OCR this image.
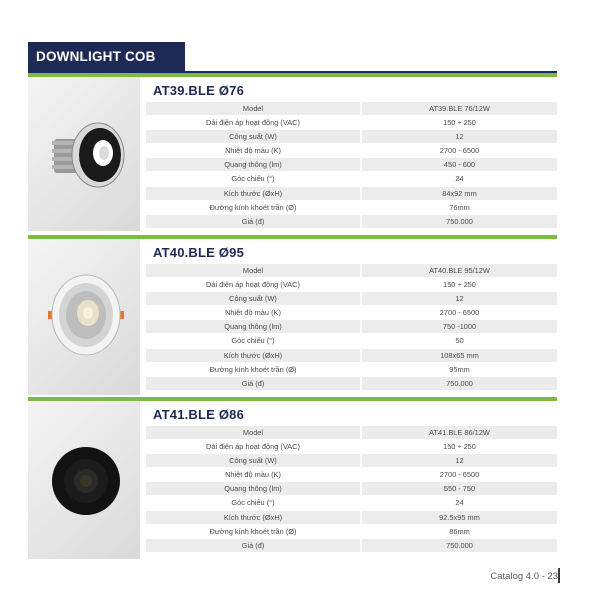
DOWNLIGHT COB
AT39.BLE Ø76
Model	AT39.BLE 76/12W
Dải điện áp hoạt động (VAC)	150 ÷ 250
Công suất (W)	12
Nhiệt độ màu (K)	2700 - 6500
Quang thông (lm)	450 - 600
Góc chiếu (°)	24
Kích thước (ØxH)	84x92 mm
Đường kính khoét trần (Ø)	76mm
Giá (đ)	750.000
AT40.BLE Ø95
Model	AT40.BLE 95/12W
Dải điện áp hoạt động (VAC)	150 ÷ 250
Công suất (W)	12
Nhiệt độ màu (K)	2700 - 6500
Quang thông (lm)	750 -1000
Góc chiếu (°)	50
Kích thước (ØxH)	108x65 mm
Đường kính khoét trần (Ø)	95mm
Giá (đ)	750.000
AT41.BLE Ø86
Model	AT41.BLE 86/12W
Dải điện áp hoạt động (VAC)	150 ÷ 250
Công suất (W)	12
Nhiệt độ màu (K)	2700 - 6500
Quang thông (lm)	550 - 750
Góc chiếu (°)	24
Kích thước (ØxH)	92.5x95 mm
Đường kính khoét trần (Ø)	86mm
Giá (đ)	750.000
Catalog 4.0 - 23
